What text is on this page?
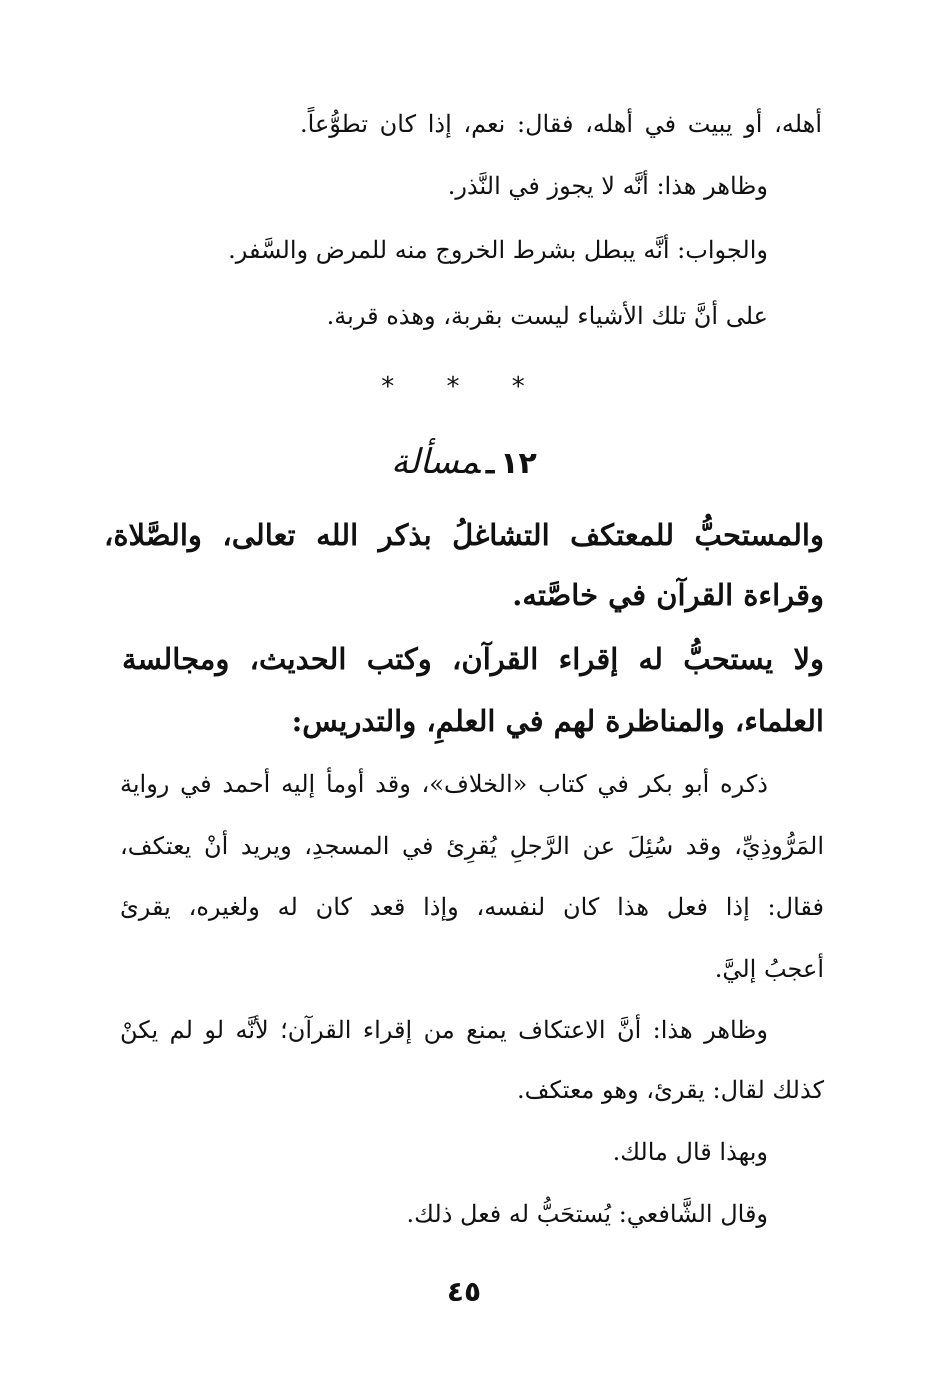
أهله، أو يبيت في أهله، فقال: نعم، إذا كان تطوُّعاً.

وظاهر هذا: أنَّه لا يجوز في النَّذر.

والجواب: أنَّه يبطل بشرط الخروج منه للمرض والسَّفر.

على أنَّ تلك الأشياء ليست بقربة، وهذه قربة.

* * *
١٢ـمسألة

والمستحبُّ للمعتكف التشاغلُ بذكر الله تعالى، والصَّلاة،

وقراءة القرآن في خاصَّته.

ولا يستحبُّ له إقراء القرآن، وكتب الحديث، ومجالسة

العلماء، والمناظرة لهم في العلمِ، والتدريس:

ذكره أبو بكر في كتاب «الخلاف»، وقد أومأ إليه أحمد في رواية

المَرُّوذِيِّ، وقد سُئِلَ عن الرَّجلِ يُقرِئ في المسجدِ، ويريد أنْ يعتكف،

فقال: إذا فعل هذا كان لنفسه، وإذا قعد كان له ولغيره، يقرئ

أعجبُ إليَّ.

وظاهر هذا: أنَّ الاعتكاف يمنع من إقراء القرآن؛ لأنَّه لو لم يكنْ

كذلك لقال: يقرئ، وهو معتكف.

وبهذا قال مالك.

وقال الشَّافعي: يُستحَبُّ له فعل ذلك.

٤٥
